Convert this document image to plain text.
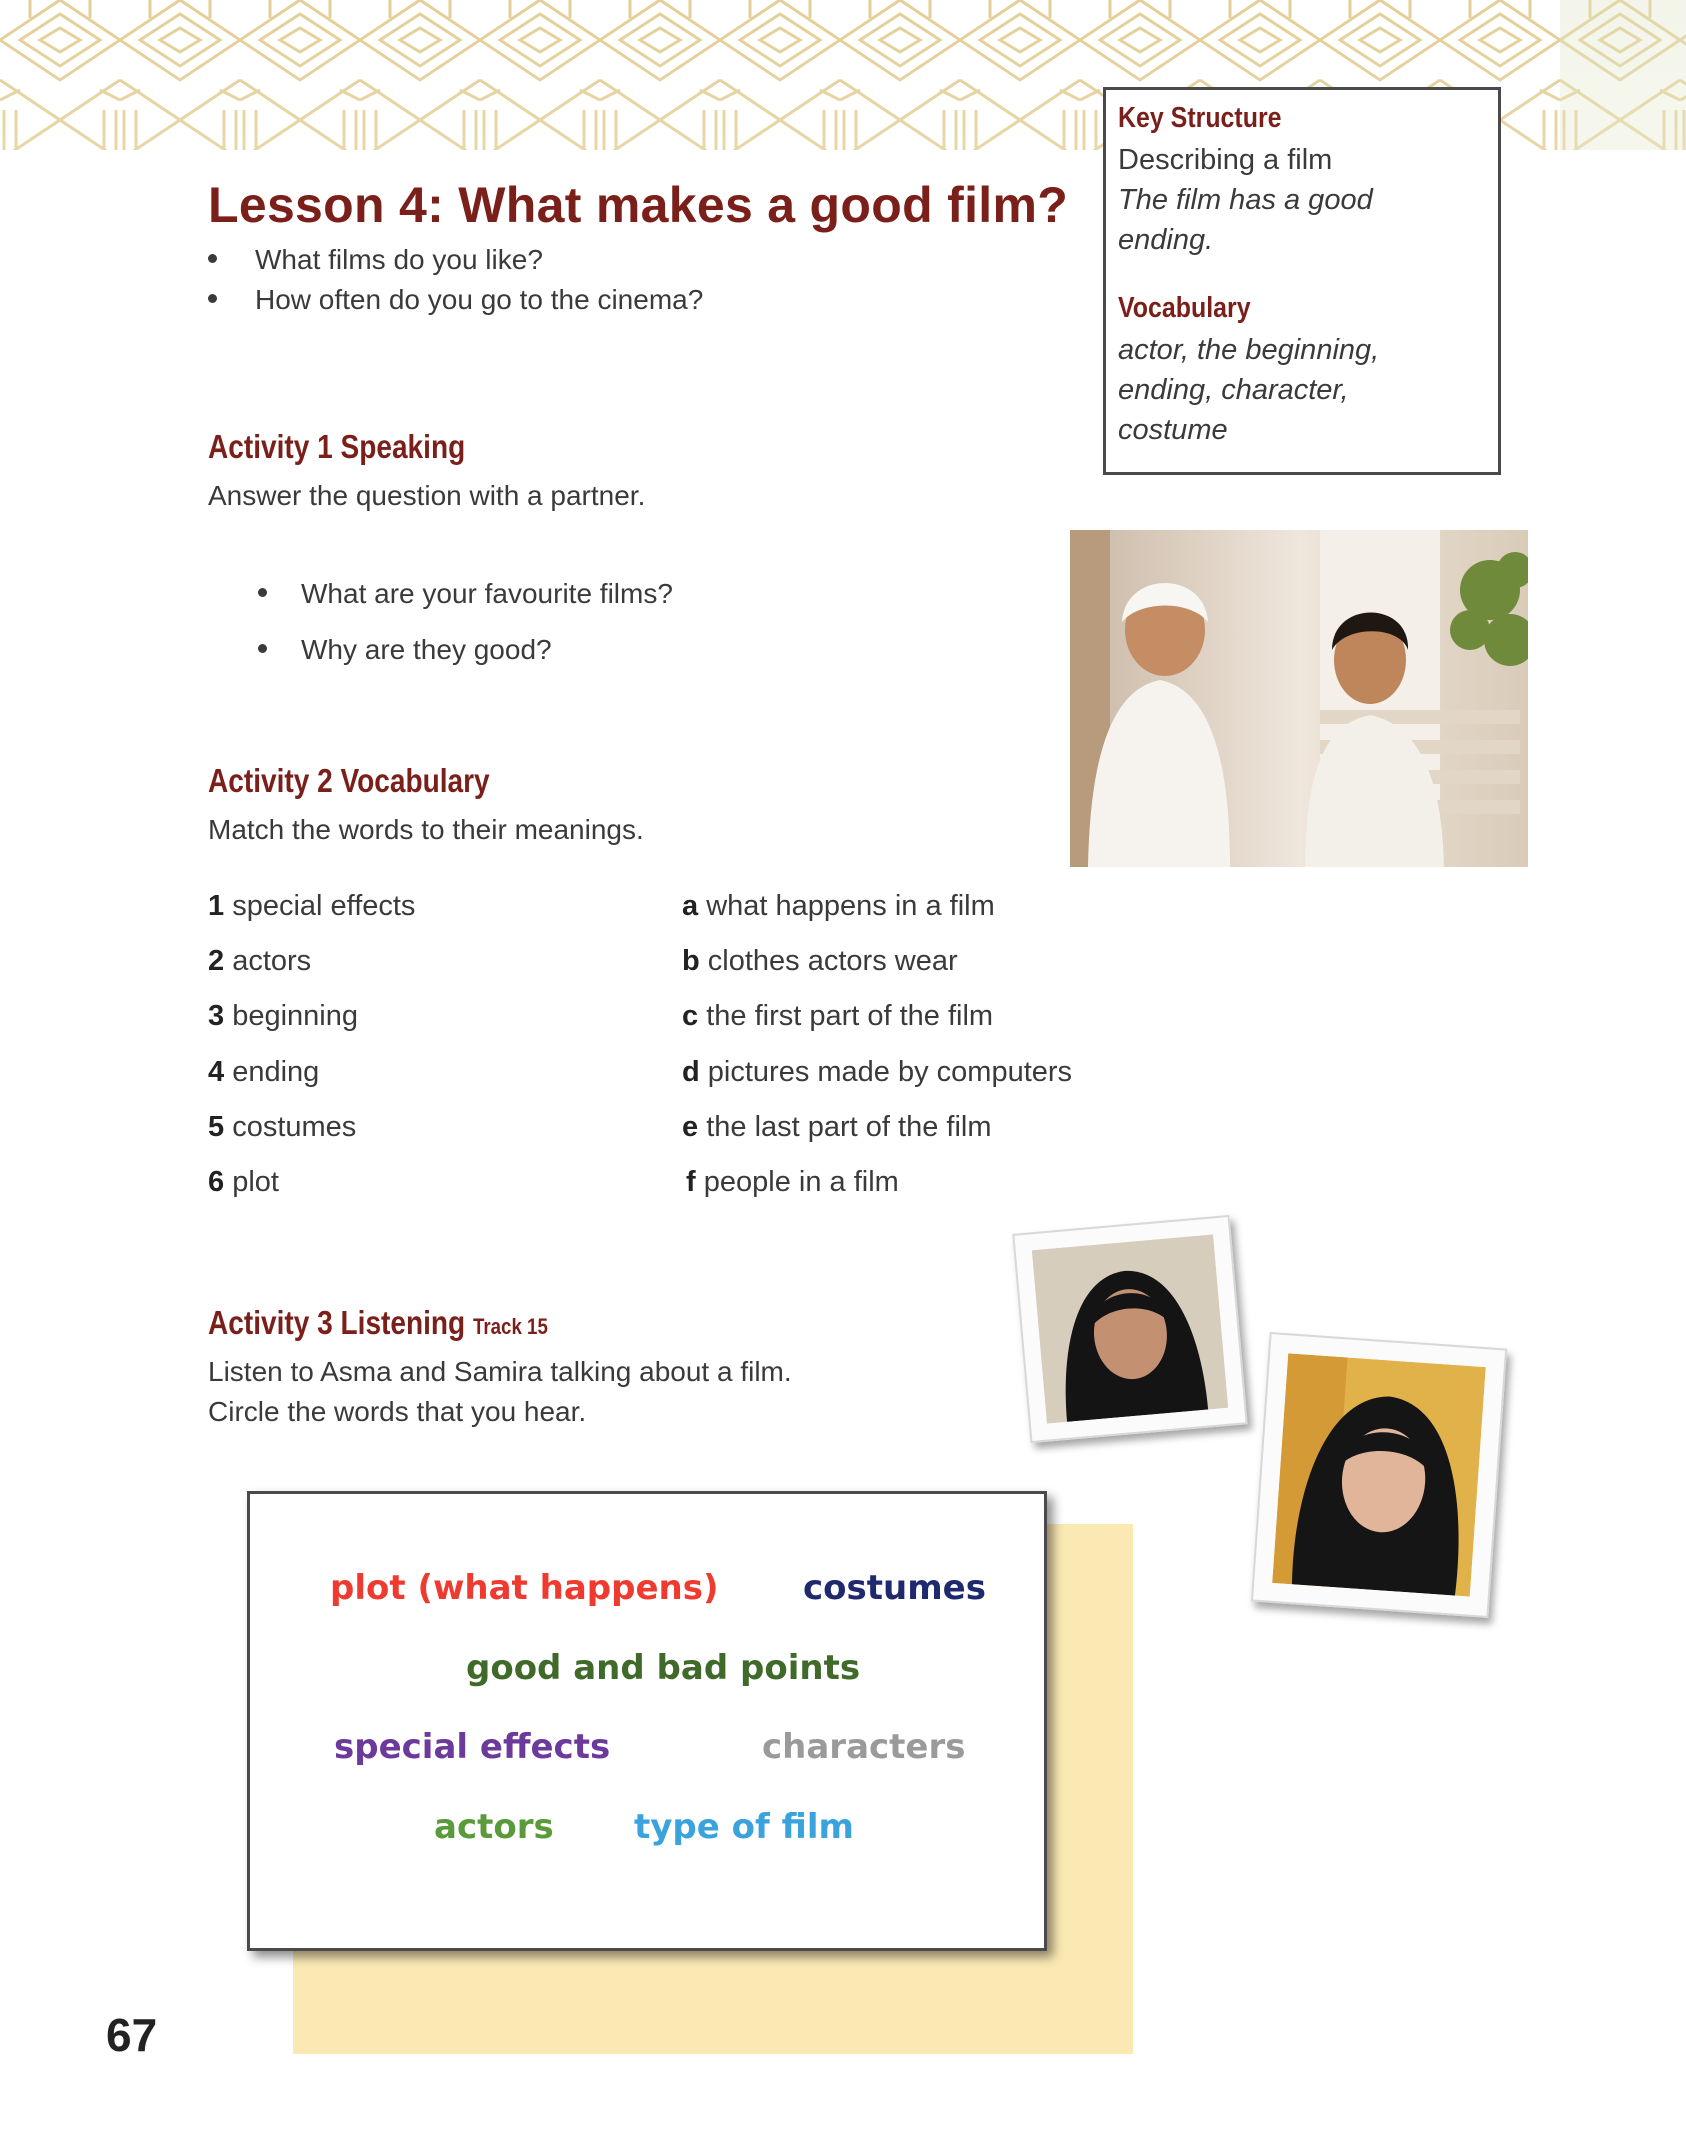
Key Structure
Describing a film
The film has a good
ending.
Vocabulary
actor, the beginning,
ending, character,
costume
Lesson 4: What makes a good film?
What films do you like?
How often do you go to the cinema?
Activity 1 Speaking
Answer the question with a partner.
What are your favourite films?
Why are they good?
Activity 2 Vocabulary
Match the words to their meanings.
1 special effects
2 actors
3 beginning
4 ending
5 costumes
6 plot
a what happens in a film
b clothes actors wear
c the first part of the film
d pictures made by computers
e the last part of the film
f people in a film
Activity 3 Listening Track 15
Listen to Asma and Samira talking about a film.
Circle the words that you hear.
plot (what happens) costumes
good and bad points
special effects	characters
actors type of film
67
